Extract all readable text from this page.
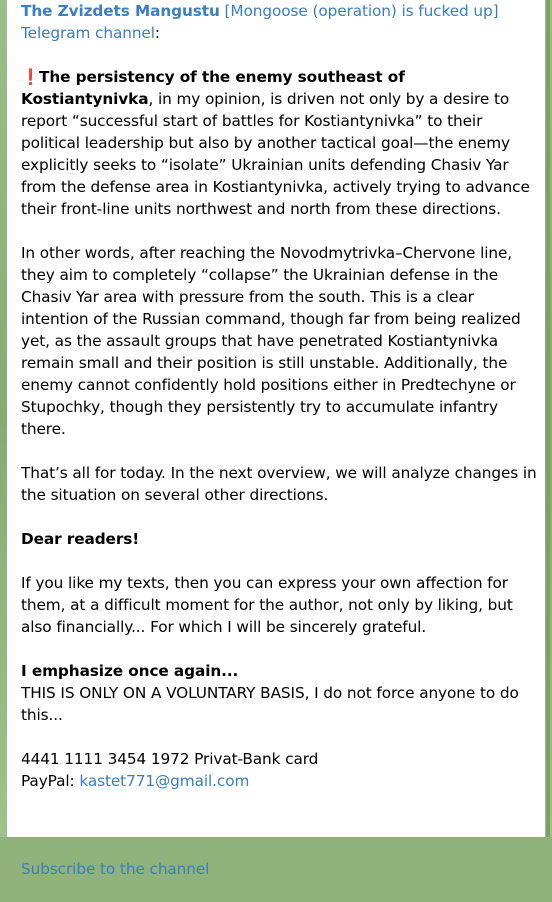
The Zvizdets Mangustu [Mongoose (operation) is fucked up]
Telegram channel:

❗The persistency of the enemy southeast of Kostiantynivka, in my opinion, is driven not only by a desire to report “successful start of battles for Kostiantynivka” to their political leadership but also by another tactical goal—the enemy explicitly seeks to “isolate” Ukrainian units defending Chasiv Yar from the defense area in Kostiantynivka, actively trying to advance their front-line units northwest and north from these directions.

In other words, after reaching the Novodmytrivka–Chervone line, they aim to completely “collapse” the Ukrainian defense in the Chasiv Yar area with pressure from the south. This is a clear intention of the Russian command, though far from being realized yet, as the assault groups that have penetrated Kostiantynivka remain small and their position is still unstable. Additionally, the enemy cannot confidently hold positions either in Predtechyne or Stupochky, though they persistently try to accumulate infantry there.

That’s all for today. In the next overview, we will analyze changes in the situation on several other directions.

Dear readers!

If you like my texts, then you can express your own affection for them, at a difficult moment for the author, not only by liking, but also financially... For which I will be sincerely grateful.

I emphasize once again...
THIS IS ONLY ON A VOLUNTARY BASIS, I do not force anyone to do this...

4441 1111 3454 1972 Privat-Bank card
PayPal: kastet771@gmail.com

Subscribe to the channel
